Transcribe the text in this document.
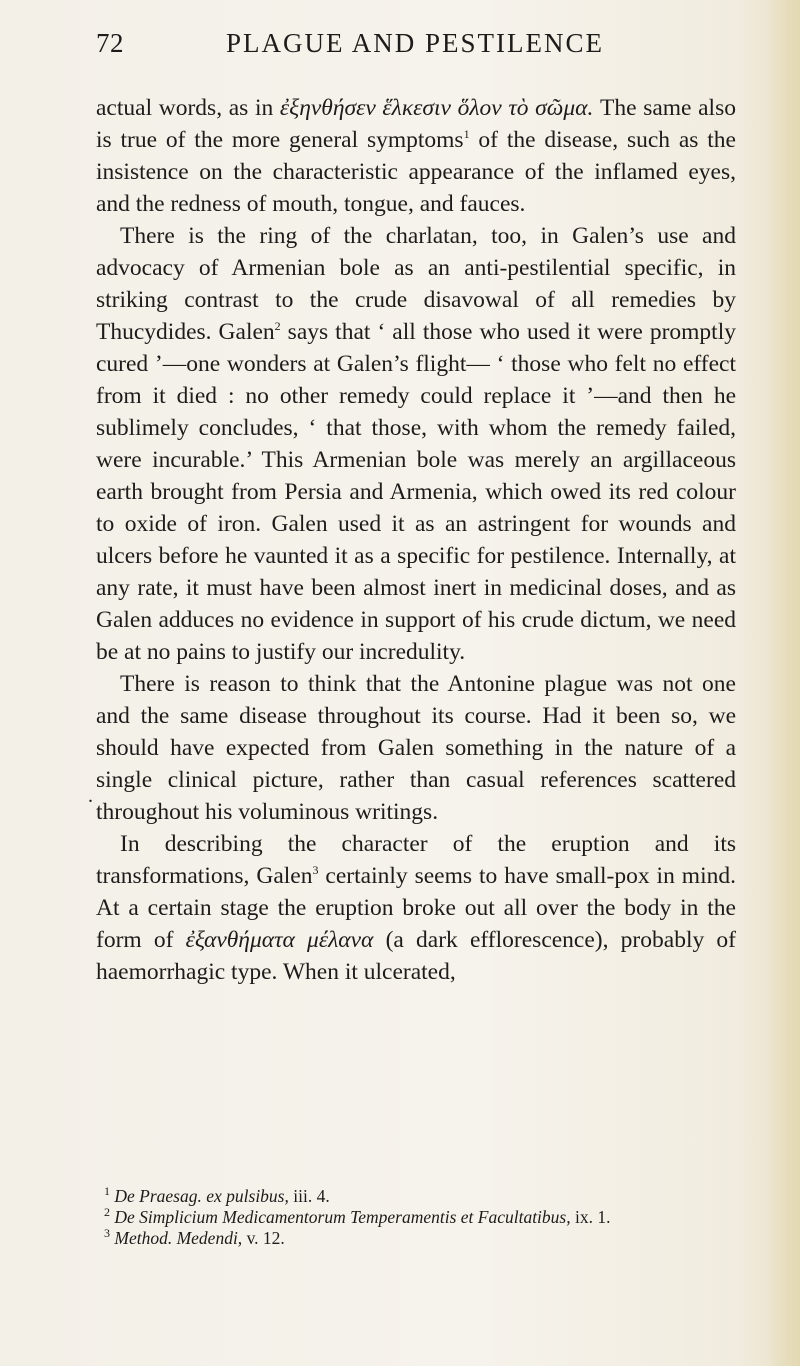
72	PLAGUE AND PESTILENCE
.

actual words, as in ἐξηνθήσεν ἕλκεσιν ὅλον τὸ σῶμα. The same also is true of the more general symptoms$^1$ of the disease, such as the insistence on the characteristic appearance of the inflamed eyes, and the redness of mouth, tongue, and fauces.

There is the ring of the charlatan, too, in Galen’s use and advocacy of Armenian bole as an anti-pestilential specific, in striking contrast to the crude disavowal of all remedies by Thucydides. Galen$^2$ says that ‘ all those who used it were promptly cured ’—one wonders at Galen’s flight— ‘ those who felt no effect from it died : no other remedy could replace it ’—and then he sublimely concludes, ‘ that those, with whom the remedy failed, were incurable.’ This Armenian bole was merely an argillaceous earth brought from Persia and Armenia, which owed its red colour to oxide of iron. Galen used it as an astringent for wounds and ulcers before he vaunted it as a specific for pestilence. Internally, at any rate, it must have been almost inert in medicinal doses, and as Galen adduces no evidence in support of his crude dictum, we need be at no pains to justify our incredulity.

There is reason to think that the Antonine plague was not one and the same disease throughout its course. Had it been so, we should have expected from Galen something in the nature of a single clinical picture, rather than casual references scattered throughout his voluminous writings.

In describing the character of the eruption and its transformations, Galen$^3$ certainly seems to have small-pox in mind. At a certain stage the eruption broke out all over the body in the form of ἐξανθήματα μέλανα (a dark efflorescence), probably of haemorrhagic type. When it ulcerated,

$^1$ De Praesag. ex pulsibus, iii. 4.

$^2$ De Simplicium Medicamentorum Temperamentis et Facultatibus, ix. 1.

$^3$ Method. Medendi, v. 12.
